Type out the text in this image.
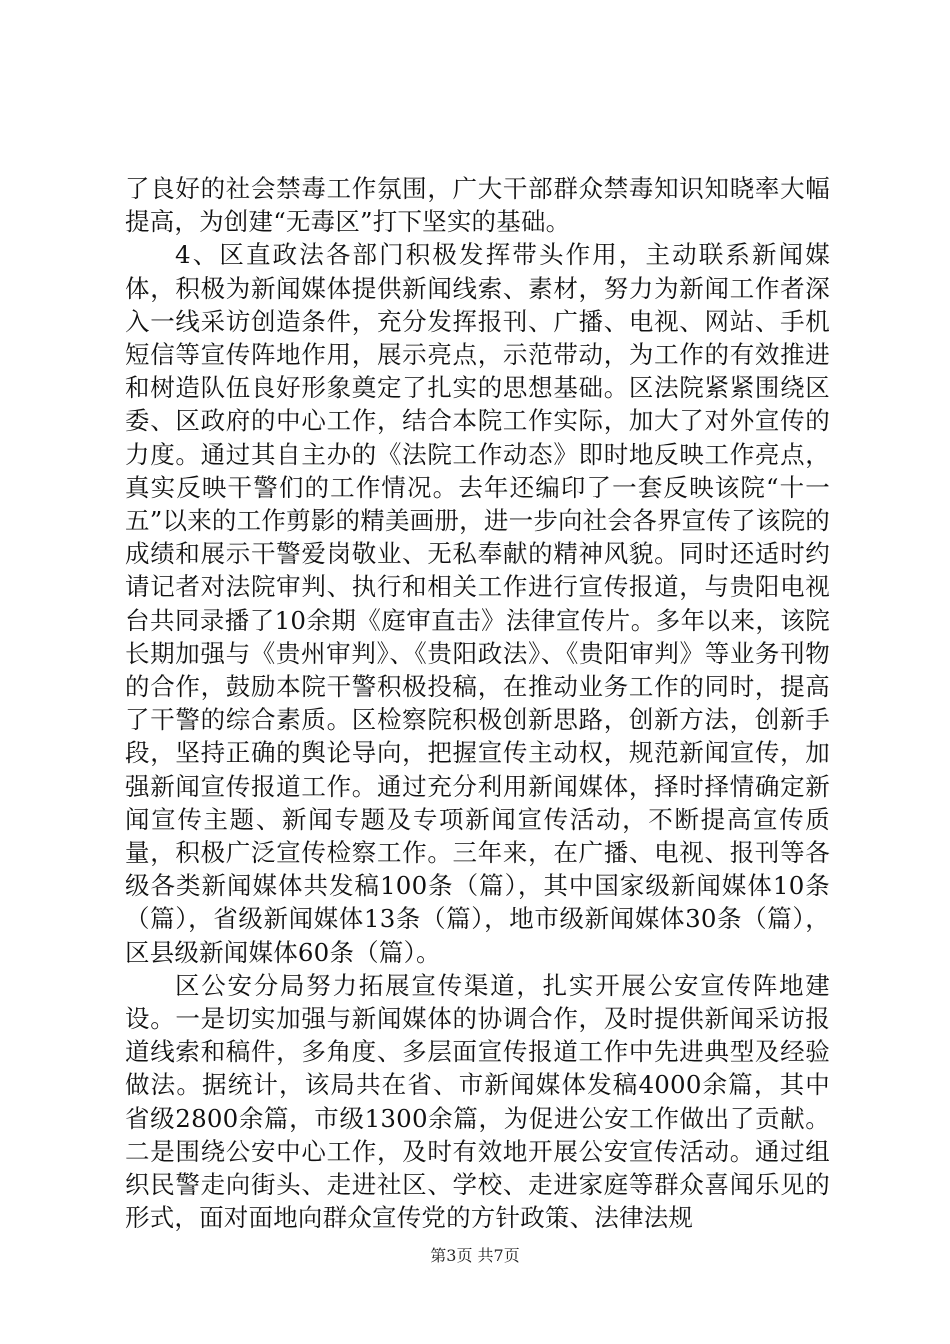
了良好的社会禁毒工作氛围，广大干部群众禁毒知识知晓率大幅提高，为创建“无毒区”打下坚实的基础。

4、区直政法各部门积极发挥带头作用，主动联系新闻媒体，积极为新闻媒体提供新闻线索、素材，努力为新闻工作者深入一线采访创造条件，充分发挥报刊、广播、电视、网站、手机短信等宣传阵地作用，展示亮点，示范带动，为工作的有效推进和树造队伍良好形象奠定了扎实的思想基础。区法院紧紧围绕区委、区政府的中心工作，结合本院工作实际，加大了对外宣传的力度。通过其自主办的《法院工作动态》即时地反映工作亮点，真实反映干警们的工作情况。去年还编印了一套反映该院“十一五”以来的工作剪影的精美画册，进一步向社会各界宣传了该院的成绩和展示干警爱岗敬业、无私奉献的精神风貌。同时还适时约请记者对法院审判、执行和相关工作进行宣传报道，与贵阳电视台共同录播了10余期《庭审直击》法律宣传片。多年以来，该院长期加强与《贵州审判》、《贵阳政法》、《贵阳审判》等业务刊物的合作，鼓励本院干警积极投稿，在推动业务工作的同时，提高了干警的综合素质。区检察院积极创新思路，创新方法，创新手段，坚持正确的舆论导向，把握宣传主动权，规范新闻宣传，加强新闻宣传报道工作。通过充分利用新闻媒体，择时择情确定新闻宣传主题、新闻专题及专项新闻宣传活动，不断提高宣传质量，积极广泛宣传检察工作。三年来，在广播、电视、报刊等各级各类新闻媒体共发稿100条（篇），其中国家级新闻媒体10条（篇），省级新闻媒体13条（篇），地市级新闻媒体30条（篇），区县级新闻媒体60条（篇）。

区公安分局努力拓展宣传渠道，扎实开展公安宣传阵地建设。一是切实加强与新闻媒体的协调合作，及时提供新闻采访报道线索和稿件，多角度、多层面宣传报道工作中先进典型及经验做法。据统计，该局共在省、市新闻媒体发稿4000余篇，其中省级2800余篇，市级1300余篇，为促进公安工作做出了贡献。二是围绕公安中心工作，及时有效地开展公安宣传活动。通过组织民警走向街头、走进社区、学校、走进家庭等群众喜闻乐见的形式，面对面地向群众宣传党的方针政策、法律法规

第3页 共7页
